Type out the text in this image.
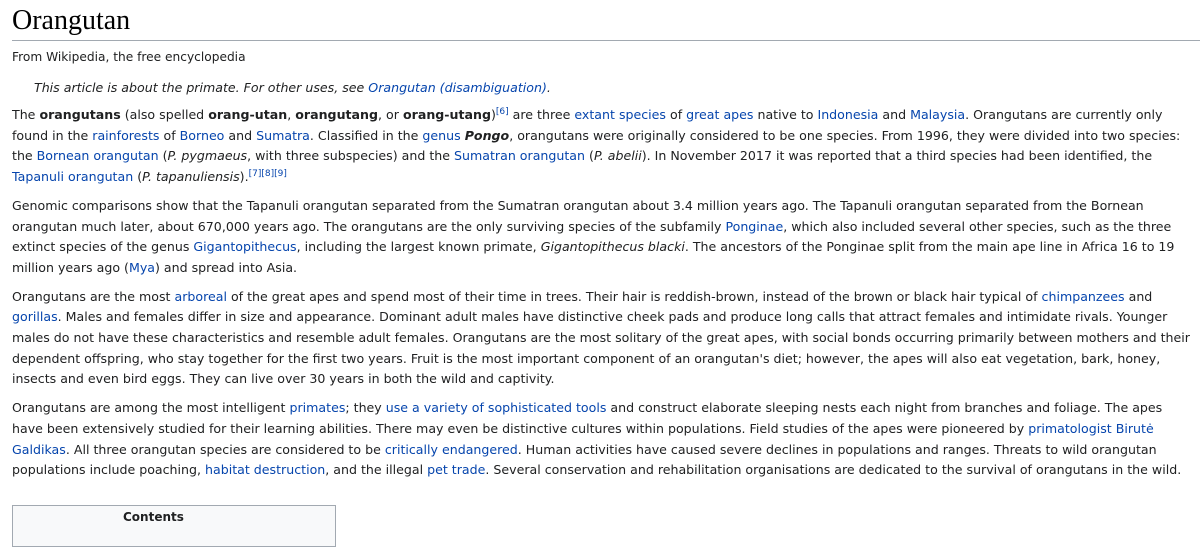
Orangutan
From Wikipedia, the free encyclopedia
This article is about the primate. For other uses, see Orangutan (disambiguation).

The orangutans (also spelled orang-utan, orangutang, or orang-utang)[6] are three extant species of great apes native to Indonesia and Malaysia. Orangutans are currently only found in the rainforests of Borneo and Sumatra. Classified in the genus Pongo, orangutans were originally considered to be one species. From 1996, they were divided into two species: the Bornean orangutan (P. pygmaeus, with three subspecies) and the Sumatran orangutan (P. abelii). In November 2017 it was reported that a third species had been identified, the Tapanuli orangutan (P. tapanuliensis).[7][8][9]

Genomic comparisons show that the Tapanuli orangutan separated from the Sumatran orangutan about 3.4 million years ago. The Tapanuli orangutan separated from the Bornean orangutan much later, about 670,000 years ago. The orangutans are the only surviving species of the subfamily Ponginae, which also included several other species, such as the three extinct species of the genus Gigantopithecus, including the largest known primate, Gigantopithecus blacki. The ancestors of the Ponginae split from the main ape line in Africa 16 to 19 million years ago (Mya) and spread into Asia.

Orangutans are the most arboreal of the great apes and spend most of their time in trees. Their hair is reddish-brown, instead of the brown or black hair typical of chimpanzees and gorillas. Males and females differ in size and appearance. Dominant adult males have distinctive cheek pads and produce long calls that attract females and intimidate rivals. Younger males do not have these characteristics and resemble adult females. Orangutans are the most solitary of the great apes, with social bonds occurring primarily between mothers and their dependent offspring, who stay together for the first two years. Fruit is the most important component of an orangutan's diet; however, the apes will also eat vegetation, bark, honey, insects and even bird eggs. They can live over 30 years in both the wild and captivity.

Orangutans are among the most intelligent primates; they use a variety of sophisticated tools and construct elaborate sleeping nests each night from branches and foliage. The apes have been extensively studied for their learning abilities. There may even be distinctive cultures within populations. Field studies of the apes were pioneered by primatologist Birutė Galdikas. All three orangutan species are considered to be critically endangered. Human activities have caused severe declines in populations and ranges. Threats to wild orangutan populations include poaching, habitat destruction, and the illegal pet trade. Several conservation and rehabilitation organisations are dedicated to the survival of orangutans in the wild.

Contents
